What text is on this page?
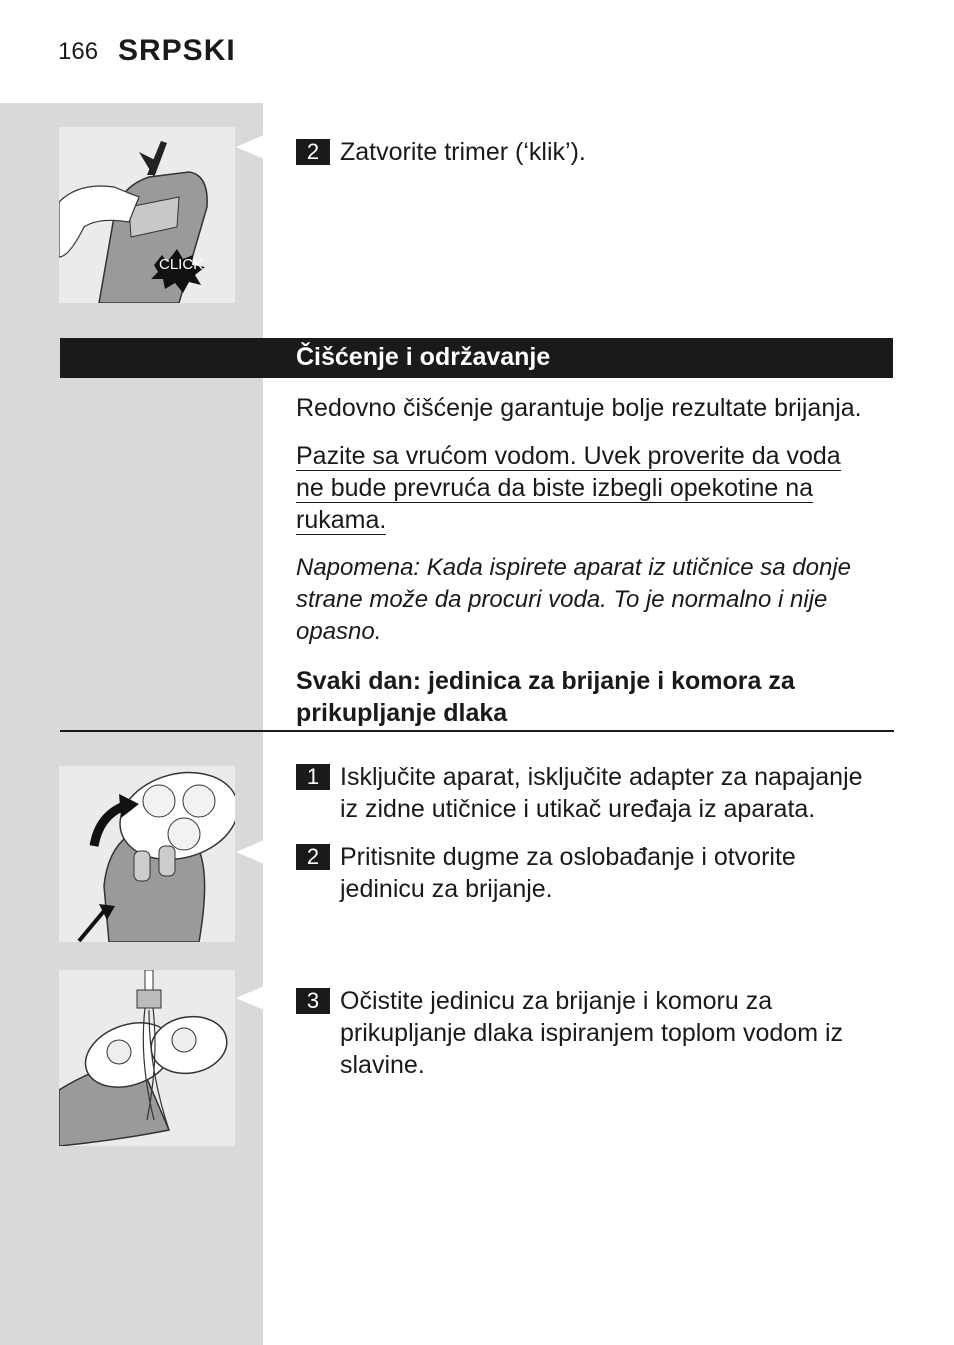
166 SRPSKI
CLICK
2 Zatvorite trimer (‘klik’).
Čišćenje i održavanje
Redovno čišćenje garantuje bolje rezultate brijanja.
Pazite sa vrućom vodom. Uvek proverite da voda
ne bude prevruća da biste izbegli opekotine na
rukama.
Napomena: Kada ispirete aparat iz utičnice sa donje strane može da procuri voda. To je normalno i nije opasno.
Svaki dan: jedinica za brijanje i komora za prikupljanje dlaka
1 Isključite aparat, isključite adapter za napajanje iz zidne utičnice i utikač uređaja iz aparata.
2 Pritisnite dugme za oslobađanje i otvorite jedinicu za brijanje.
3 Očistite jedinicu za brijanje i komoru za prikupljanje dlaka ispiranjem toplom vodom iz slavine.
